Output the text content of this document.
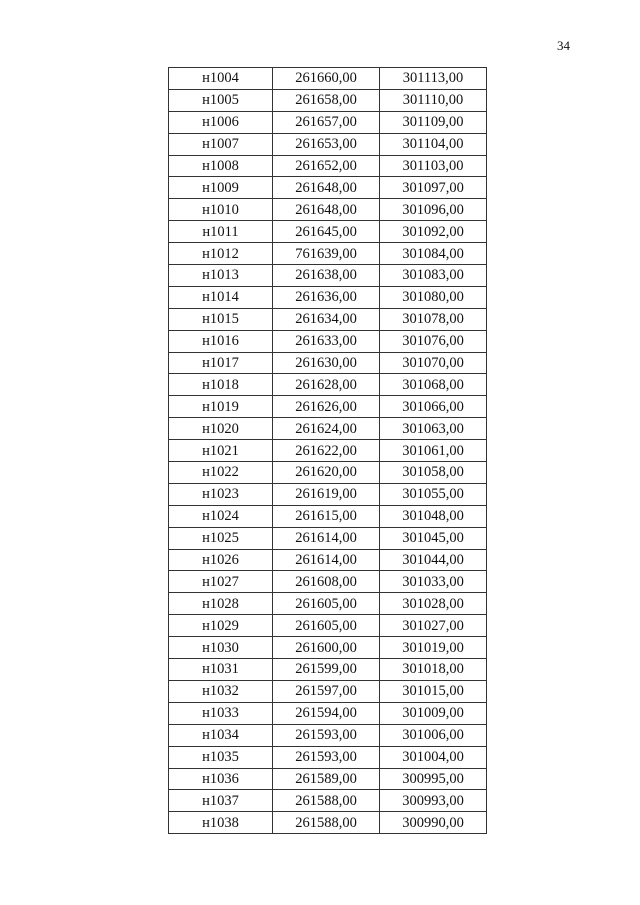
34
н1004	261660,00	301113,00
н1005	261658,00	301110,00
н1006	261657,00	301109,00
н1007	261653,00	301104,00
н1008	261652,00	301103,00
н1009	261648,00	301097,00
н1010	261648,00	301096,00
н1011	261645,00	301092,00
н1012	761639,00	301084,00
н1013	261638,00	301083,00
н1014	261636,00	301080,00
н1015	261634,00	301078,00
н1016	261633,00	301076,00
н1017	261630,00	301070,00
н1018	261628,00	301068,00
н1019	261626,00	301066,00
н1020	261624,00	301063,00
н1021	261622,00	301061,00
н1022	261620,00	301058,00
н1023	261619,00	301055,00
н1024	261615,00	301048,00
н1025	261614,00	301045,00
н1026	261614,00	301044,00
н1027	261608,00	301033,00
н1028	261605,00	301028,00
н1029	261605,00	301027,00
н1030	261600,00	301019,00
н1031	261599,00	301018,00
н1032	261597,00	301015,00
н1033	261594,00	301009,00
н1034	261593,00	301006,00
н1035	261593,00	301004,00
н1036	261589,00	300995,00
н1037	261588,00	300993,00
н1038	261588,00	300990,00
